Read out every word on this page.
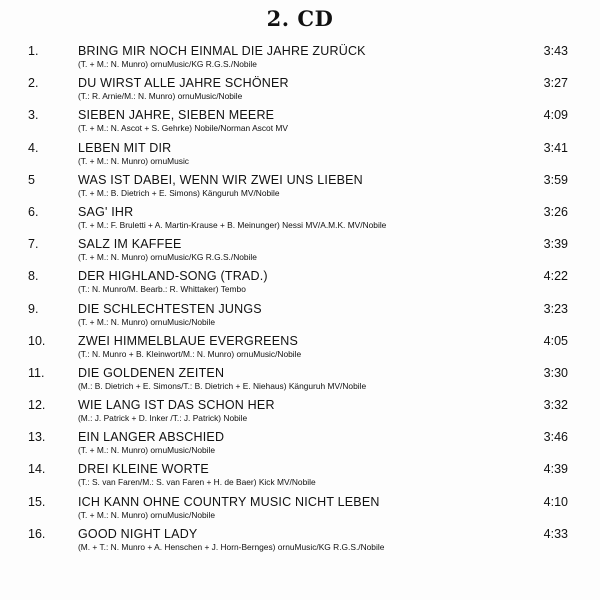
2. CD
1.	BRING MIR NOCH EINMAL DIE JAHRE ZURÜCK
(T. + M.: N. Munro) ornuMusic/KG R.G.S./Nobile
3:43
2.	DU WIRST ALLE JAHRE SCHÖNER
(T.: R. Arnie/M.: N. Munro) ornuMusic/Nobile
3:27
3.	SIEBEN JAHRE, SIEBEN MEERE
(T. + M.: N. Ascot + S. Gehrke) Nobile/Norman Ascot MV
4:09
4.	LEBEN MIT DIR
(T. + M.: N. Munro) ornuMusic
3:41
5	WAS IST DABEI, WENN WIR ZWEI UNS LIEBEN
(T. + M.: B. Dietrich + E. Simons) Känguruh MV/Nobile
3:59
6.	SAG' IHR
(T. + M.: F. Bruletti + A. Martin-Krause + B. Meinunger) Nessi MV/A.M.K. MV/Nobile
3:26
7.	SALZ IM KAFFEE
(T. + M.: N. Munro) ornuMusic/KG R.G.S./Nobile
3:39
8.	DER HIGHLAND-SONG (TRAD.)
(T.: N. Munro/M. Bearb.: R. Whittaker) Tembo
4:22
9.	DIE SCHLECHTESTEN JUNGS
(T. + M.: N. Munro) ornuMusic/Nobile
3:23
10.	ZWEI HIMMELBLAUE EVERGREENS
(T.: N. Munro + B. Kleinwort/M.: N. Munro) ornuMusic/Nobile
4:05
11.	DIE GOLDENEN ZEITEN
(M.: B. Dietrich + E. Simons/T.: B. Dietrich + E. Niehaus) Känguruh MV/Nobile
3:30
12.	WIE LANG IST DAS SCHON HER
(M.: J. Patrick + D. Inker /T.: J. Patrick) Nobile
3:32
13.	EIN LANGER ABSCHIED
(T. + M.: N. Munro) ornuMusic/Nobile
3:46
14.	DREI KLEINE WORTE
(T.: S. van Faren/M.: S. van Faren + H. de Baer) Kick MV/Nobile
4:39
15.	ICH KANN OHNE COUNTRY MUSIC NICHT LEBEN
(T. + M.: N. Munro) ornuMusic/Nobile
4:10
16.	GOOD NIGHT LADY
(M. + T.: N. Munro + A. Henschen + J. Horn-Bernges) ornuMusic/KG R.G.S./Nobile
4:33
